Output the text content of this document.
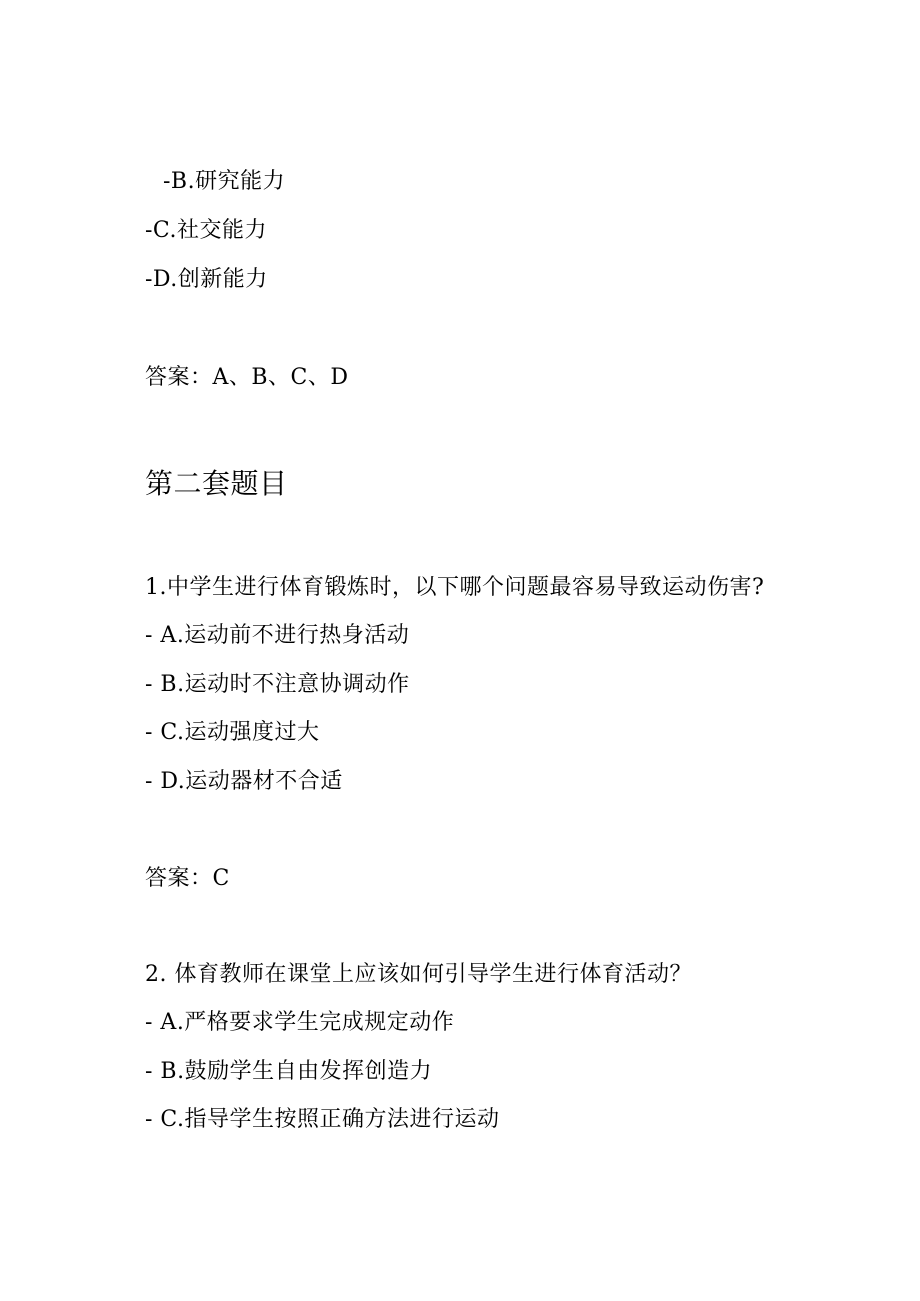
-B.研究能力
-C.社交能力
-D.创新能力
答案：A、B、C、D
第二套题目
1.中学生进行体育锻炼时，以下哪个问题最容易导致运动伤害?
- A.运动前不进行热身活动
- B.运动时不注意协调动作
- C.运动强度过大
- D.运动器材不合适
答案：C
2. 体育教师在课堂上应该如何引导学生进行体育活动？
- A.严格要求学生完成规定动作
- B.鼓励学生自由发挥创造力
- C.指导学生按照正确方法进行运动
